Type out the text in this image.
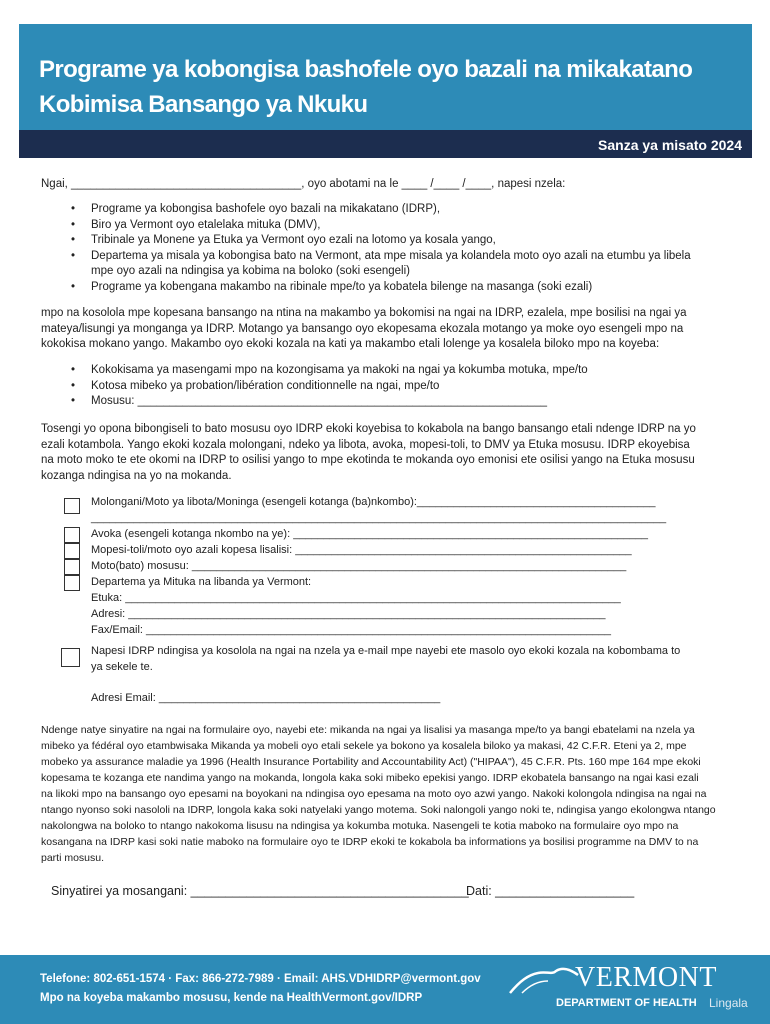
Programe ya kobongisa bashofele oyo bazali na mikakatano
Kobimisa Bansango ya Nkuku
Sanza ya misato 2024
Ngai, ____________________________________, oyo abotami na le ____ /____ /____, napesi nzela:
• Programe ya kobongisa bashofele oyo bazali na mikakatano (IDRP),
• Biro ya Vermont oyo etalelaka mituka (DMV),
• Tribinale ya Monene ya Etuka ya Vermont oyo ezali na lotomo ya kosala yango,
• Departema ya misala ya kobongisa bato na Vermont, ata mpe misala ya kolandela moto oyo azali na etumbu ya libela
mpe oyo azali na ndingisa ya kobima na boloko (soki esengeli)
• Programe ya kobengana makambo na ribinale mpe/to ya kobatela bilenge na masanga (soki ezali)
mpo na kosolola mpe kopesana bansango na ntina na makambo ya bokomisi na ngai na IDRP, ezalela, mpe bosilisi na ngai ya
mateya/lisungi ya monganga ya IDRP. Motango ya bansango oyo ekopesama ekozala motango ya moke oyo esengeli mpo na
kokokisa mokano yango. Makambo oyo ekoki kozala na kati ya makambo etali lolenge ya kosalela biloko mpo na koyeba:
• Kokokisama ya masengami mpo na kozongisama ya makoki na ngai ya kokumba motuka, mpe/to
• Kotosa mibeko ya probation/libération conditionnelle na ngai, mpe/to
• Mosusu: ________________________________________________________________
Tosengi yo opona bibongiseli to bato mosusu oyo IDRP ekoki koyebisa to kokabola na bango bansango etali ndenge IDRP na yo
ezali kotambola. Yango ekoki kozala molongani, ndeko ya libota, avoka, mopesi-toli, to DMV ya Etuka mosusu. IDRP ekoyebisa
na moto moko te ete okomi na IDRP to osilisi yango to mpe ekotinda te mokanda oyo emonisi ete osilisi yango na Etuka mosusu
kozanga ndingisa na yo na mokanda.
Molongani/Moto ya libota/Moninga (esengeli kotanga (ba)nkombo):_______________________________________
______________________________________________________________________________________________
Avoka (esengeli kotanga nkombo na ye): __________________________________________________________
Mopesi-toli/moto oyo azali kopesa lisalisi: _______________________________________________________
Moto(bato) mosusu: _______________________________________________________________________
Departema ya Mituka na libanda ya Vermont:
Etuka: _________________________________________________________________________________
Adresi: ______________________________________________________________________________
Fax/Email: ____________________________________________________________________________
Napesi IDRP ndingisa ya kosolola na ngai na nzela ya e-mail mpe nayebi ete masolo oyo ekoki kozala na kobombama to
ya sekele te.
Adresi Email: ______________________________________________
Ndenge natye sinyatire na ngai na formulaire oyo, nayebi ete: mikanda na ngai ya lisalisi ya masanga mpe/to ya bangi ebatelami na nzela ya
mibeko ya fédéral oyo etambwisaka Mikanda ya mobeli oyo etali sekele ya bokono ya kosalela biloko ya makasi, 42 C.F.R. Eteni ya 2, mpe
mobeko ya assurance maladie ya 1996 (Health Insurance Portability and Accountability Act) ("HIPAA"), 45 C.F.R. Pts. 160 mpe 164 mpe ekoki
kopesama te kozanga ete nandima yango na mokanda, longola kaka soki mibeko epekisi yango. IDRP ekobatela bansango na ngai kasi ezali
na likoki mpo na bansango oyo epesami na boyokani na ndingisa oyo epesama na moto oyo azwi yango. Nakoki kolongola ndingisa na ngai na
ntango nyonso soki nasololi na IDRP, longola kaka soki natyelaki yango motema. Soki nalongoli yango noki te, ndingisa yango ekolongwa ntango
nakolongwa na boloko to ntango nakokoma lisusu na ndingisa ya kokumba motuka. Nasengeli te kotia maboko na formulaire oyo mpo na
kosangana na IDRP kasi soki natie maboko na formulaire oyo te IDRP ekoki te kokabola ba informations ya bosilisi programme na DMV to na
parti mosusu.
Sinyatirei ya mosangani: ________________________________________
Dati: ____________________
Telefone: 802-651-1574 · Fax: 866-272-7989 · Email: AHS.VDHIDRP@vermont.gov
Mpo na koyeba makambo mosusu, kende na HealthVermont.gov/IDRP
VERMONT
DEPARTMENT OF HEALTH Lingala
